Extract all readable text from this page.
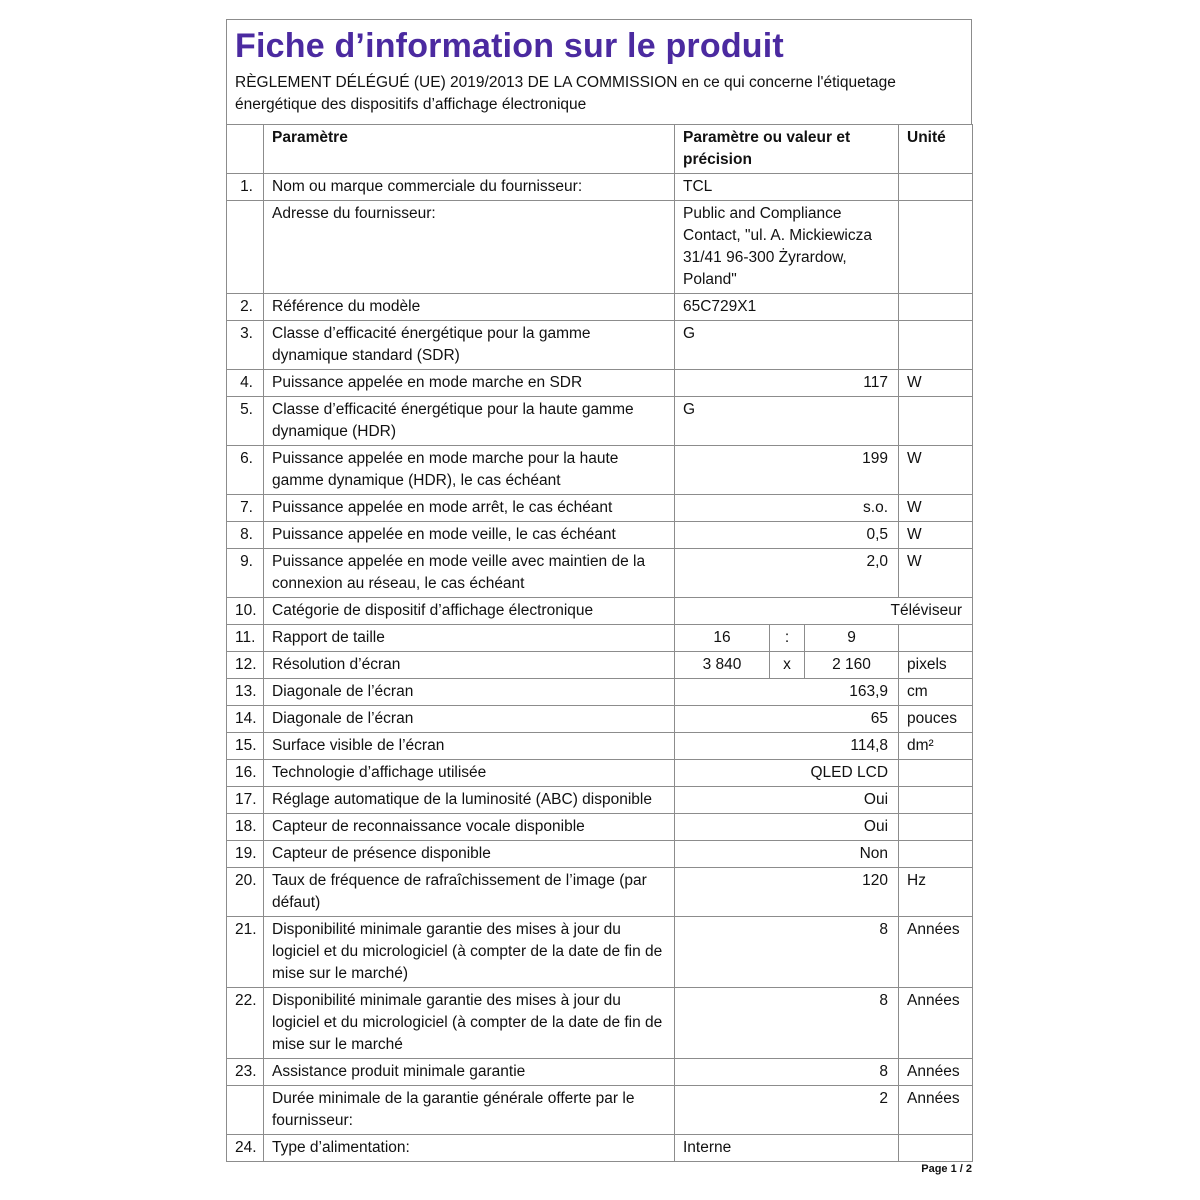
Fiche d’information sur le produit

RÈGLEMENT DÉLÉGUÉ (UE) 2019/2013 DE LA COMMISSION en ce qui concerne l'étiquetage énergétique des dispositifs d’affichage électronique

	Paramètre	Paramètre ou valeur et précision			Unité
1.	Nom ou marque commerciale du fournisseur:	TCL			
	Adresse du fournisseur:	Public and Compliance Contact, "ul. A. Mickiewicza 31/41 96-300 Żyrardow, Poland"			
2.	Référence du modèle	65C729X1			
3.	Classe d’efficacité énergétique pour la gamme dynamique standard (SDR)	G			
4.	Puissance appelée en mode marche en SDR	117			W
5.	Classe d’efficacité énergétique pour la haute gamme dynamique (HDR)	G			
6.	Puissance appelée en mode marche pour la haute gamme dynamique (HDR), le cas échéant	199			W
7.	Puissance appelée en mode arrêt, le cas échéant	s.o.			W
8.	Puissance appelée en mode veille, le cas échéant	0,5			W
9.	Puissance appelée en mode veille avec maintien de la connexion au réseau, le cas échéant	2,0			W
10.	Catégorie de dispositif d’affichage électronique	Téléviseur			
11.	Rapport de taille	16	:	9	
12.	Résolution d’écran	3 840	x	2 160	pixels
13.	Diagonale de l’écran	163,9			cm
14.	Diagonale de l’écran	65			pouces
15.	Surface visible de l’écran	114,8			dm²
16.	Technologie d’affichage utilisée	QLED LCD			
17.	Réglage automatique de la luminosité (ABC) disponible	Oui			
18.	Capteur de reconnaissance vocale disponible	Oui			
19.	Capteur de présence disponible	Non			
20.	Taux de fréquence de rafraîchissement de l’image (par défaut)	120			Hz
21.	Disponibilité minimale garantie des mises à jour du logiciel et du micrologiciel (à compter de la date de fin de mise sur le marché)	8			Années
22.	Disponibilité minimale garantie des mises à jour du logiciel et du micrologiciel (à compter de la date de fin de mise sur le marché	8			Années
23.	Assistance produit minimale garantie	8			Années
	Durée minimale de la garantie générale offerte par le fournisseur:	2			Années
24.	Type d’alimentation:	Interne			
Page 1 / 2
